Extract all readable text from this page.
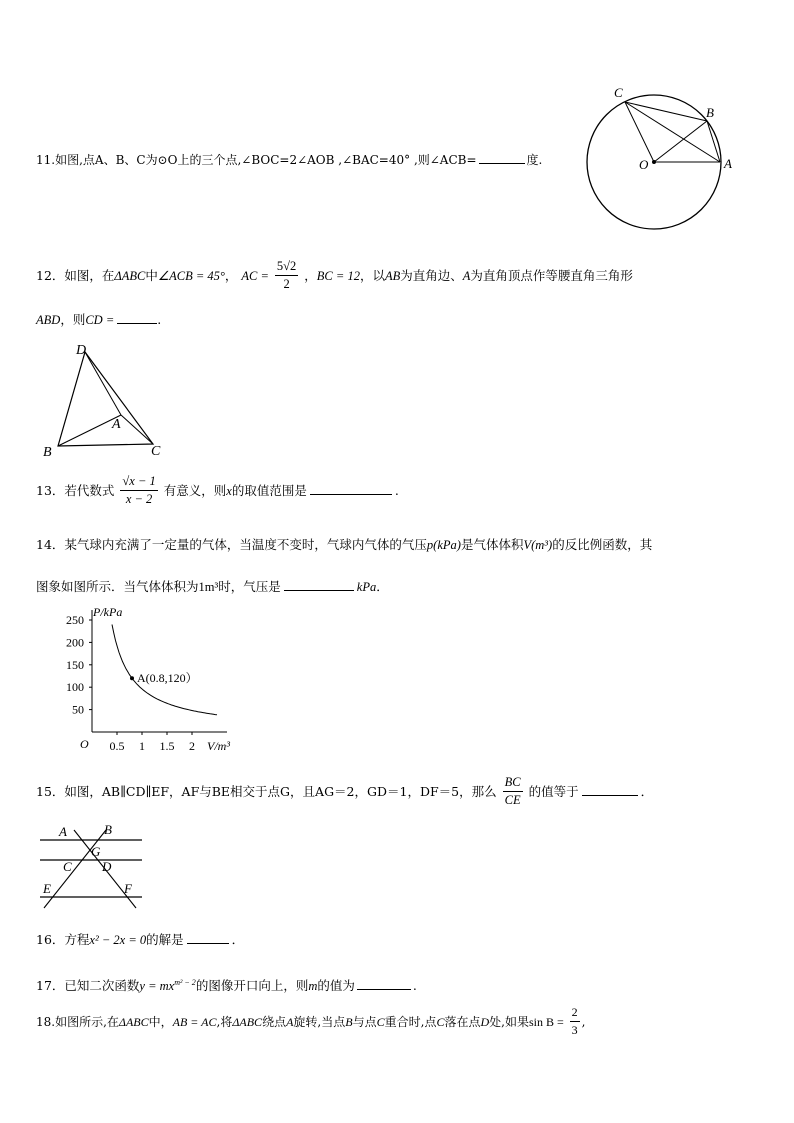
11.如图,点A、B、C为⊙O上的三个点,∠BOC=2∠AOB ,∠BAC=40° ,则∠ACB=	度.
C
B
O	A
12．如图，在ΔABC中∠ACB = 45°， AC = $\frac{5√2}{2}$ ，BC = 12，以AB为直角边、A为直角顶点作等腰直角三角形
ABD，则CD =	.
D
A
B	C
13．若代数式 $\frac{√x - 1}{x - 2}$ 有意义，则x的取值范围是	.
14．某气球内充满了一定量的气体，当温度不变时，气球内气体的气压p(kPa)是气体体积V(m³)的反比例函数，其
图象如图所示．当气体体积为1m³时，气压是	kPa．
O
P/kPa
V/m³
0.5 1 1.5 2
50
100
150
200
250
A(0.8,120）
15．如图，AB∥CD∥EF，AF与BE相交于点G，且AG＝2，GD＝1，DF＝5，那么 $\frac{BC}{CE}$ 的值等于	．
A	B
G
C D
E	F
16．方程x² − 2x = 0的解是	．
17．已知二次函数$y = mx^{m^2 - 2}$的图像开口向上，则m的值为	.
18.如图所示,在ΔABC中，AB = AC,将ΔABC绕点A旋转,当点B与点C重合时,点C落在点D处,如果$\sin B = \frac{2}{3}$ ,
